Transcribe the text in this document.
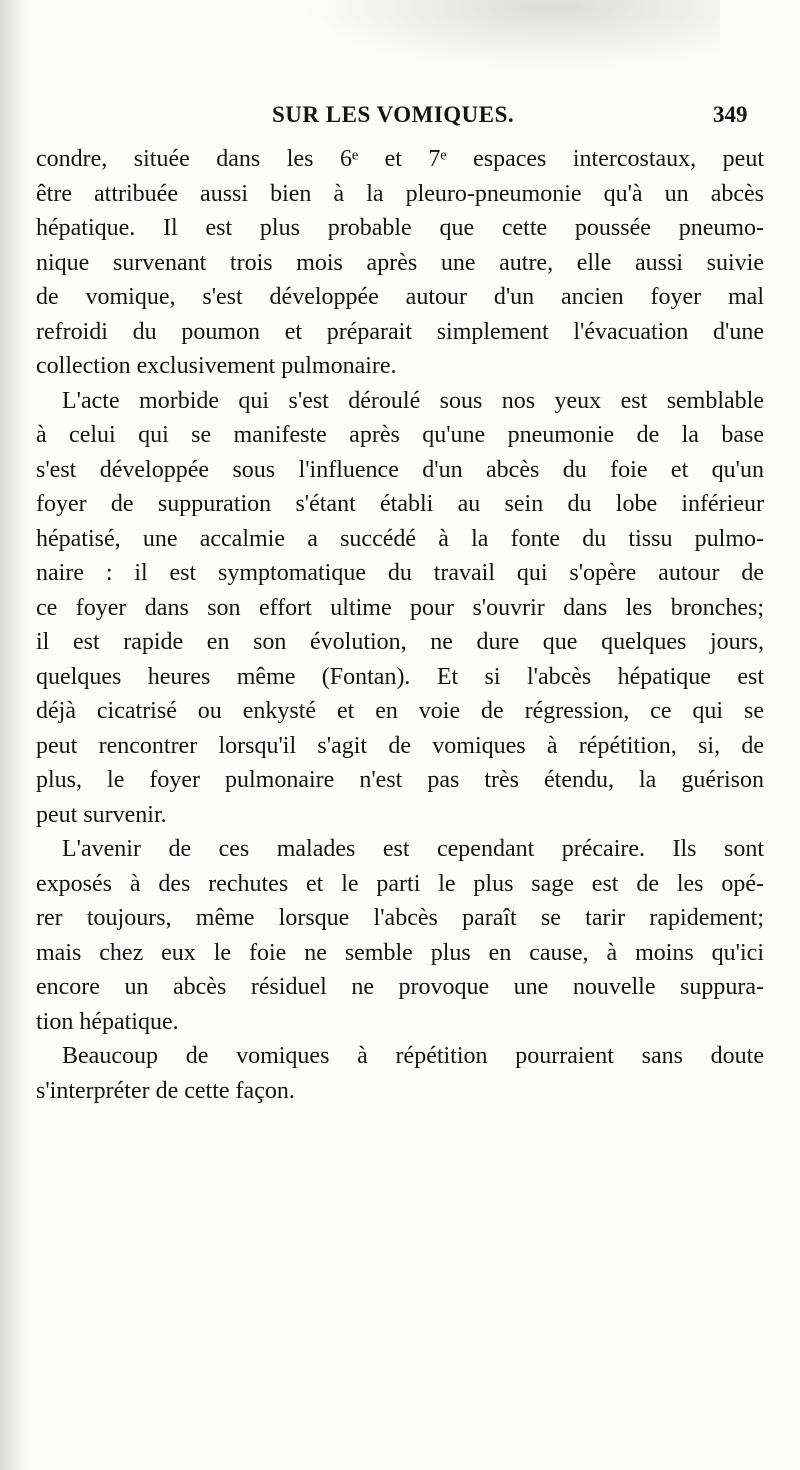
SUR LES VOMIQUES.	349
condre, située dans les 6ᵉ et 7ᵉ espaces intercostaux, peut
être attribuée aussi bien à la pleuro-pneumonie qu'à un abcès
hépatique. Il est plus probable que cette poussée pneumo-
nique survenant trois mois après une autre, elle aussi suivie
de vomique, s'est développée autour d'un ancien foyer mal
refroidi du poumon et préparait simplement l'évacuation d'une
collection exclusivement pulmonaire.
L'acte morbide qui s'est déroulé sous nos yeux est semblable
à celui qui se manifeste après qu'une pneumonie de la base
s'est développée sous l'influence d'un abcès du foie et qu'un
foyer de suppuration s'étant établi au sein du lobe inférieur
hépatisé, une accalmie a succédé à la fonte du tissu pulmo-
naire : il est symptomatique du travail qui s'opère autour de
ce foyer dans son effort ultime pour s'ouvrir dans les bronches;
il est rapide en son évolution, ne dure que quelques jours,
quelques heures même (Fontan). Et si l'abcès hépatique est
déjà cicatrisé ou enkysté et en voie de régression, ce qui se
peut rencontrer lorsqu'il s'agit de vomiques à répétition, si, de
plus, le foyer pulmonaire n'est pas très étendu, la guérison
peut survenir.
L'avenir de ces malades est cependant précaire. Ils sont
exposés à des rechutes et le parti le plus sage est de les opé-
rer toujours, même lorsque l'abcès paraît se tarir rapidement;
mais chez eux le foie ne semble plus en cause, à moins qu'ici
encore un abcès résiduel ne provoque une nouvelle suppura-
tion hépatique.
Beaucoup de vomiques à répétition pourraient sans doute
s'interpréter de cette façon.
